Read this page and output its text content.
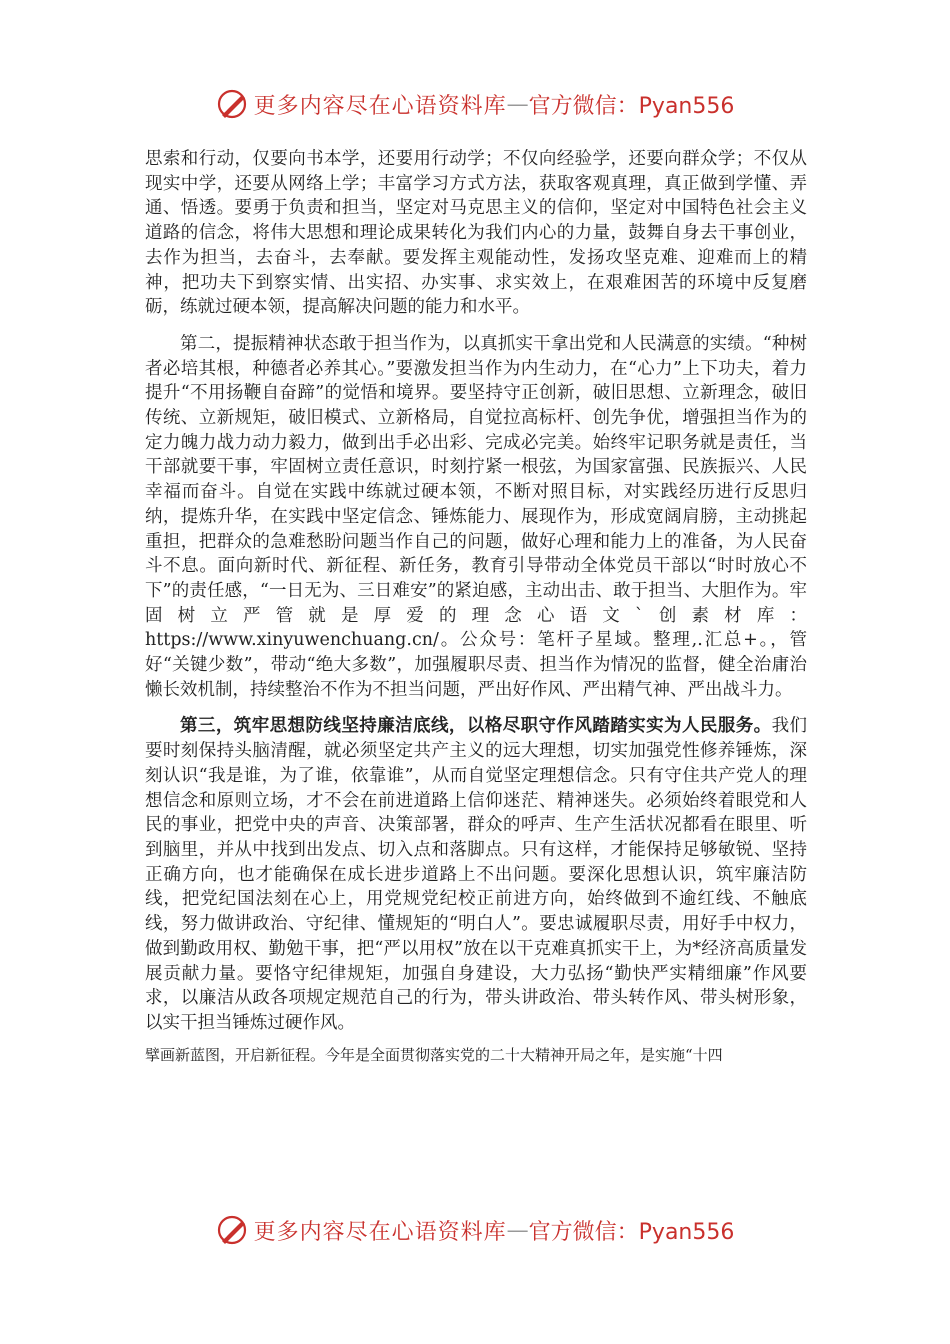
更多内容尽在心语资料库 — 官方微信：Pyan556

思索和行动，仅要向书本学，还要用行动学；不仅向经验学，还要向群众学；不仅从现实中学，还要从网络上学；丰富学习方式方法，获取客观真理，真正做到学懂、弄通、悟透。要勇于负责和担当，坚定对马克思主义的信仰，坚定对中国特色社会主义道路的信念，将伟大思想和理论成果转化为我们内心的力量，鼓舞自身去干事创业，去作为担当，去奋斗，去奉献。要发挥主观能动性，发扬攻坚克难、迎难而上的精神，把功夫下到察实情、出实招、办实事、求实效上，在艰难困苦的环境中反复磨砺，练就过硬本领，提高解决问题的能力和水平。

第二，提振精神状态敢于担当作为，以真抓实干拿出党和人民满意的实绩。“种树者必培其根，种德者必养其心。”要激发担当作为内生动力，在“心力”上下功夫，着力提升“不用扬鞭自奋蹄”的觉悟和境界。要坚持守正创新，破旧思想、立新理念，破旧传统、立新规矩，破旧模式、立新格局，自觉拉高标杆、创先争优，增强担当作为的定力魄力战力动力毅力，做到出手必出彩、完成必完美。始终牢记职务就是责任，当干部就要干事，牢固树立责任意识，时刻拧紧一根弦，为国家富强、民族振兴、人民幸福而奋斗。自觉在实践中练就过硬本领，不断对照目标，对实践经历进行反思归纳，提炼升华，在实践中坚定信念、锤炼能力、展现作为，形成宽阔肩膀，主动挑起重担，把群众的急难愁盼问题当作自己的问题，做好心理和能力上的准备，为人民奋斗不息。面向新时代、新征程、新任务，教育引导带动全体党员干部以“时时放心不下”的责任感，“一日无为、三日难安”的紧迫感，主动出击、敢于担当、大胆作为。牢固树立严管就是厚爱的理念心语文`创素材库：https://www.xinyuwenchuang.cn/。公众号：笔杆子星域。整理,.汇总+。，管好“关键少数”，带动“绝大多数”，加强履职尽责、担当作为情况的监督，健全治庸治懒长效机制，持续整治不作为不担当问题，严出好作风、严出精气神、严出战斗力。

第三，筑牢思想防线坚持廉洁底线，以格尽职守作风踏踏实实为人民服务。我们要时刻保持头脑清醒，就必须坚定共产主义的远大理想，切实加强党性修养锤炼，深刻认识“我是谁，为了谁，依靠谁”，从而自觉坚定理想信念。只有守住共产党人的理想信念和原则立场，才不会在前进道路上信仰迷茫、精神迷失。必须始终着眼党和人民的事业，把党中央的声音、决策部署，群众的呼声、生产生活状况都看在眼里、听到脑里，并从中找到出发点、切入点和落脚点。只有这样，才能保持足够敏锐、坚持正确方向，也才能确保在成长进步道路上不出问题。要深化思想认识，筑牢廉洁防线，把党纪国法刻在心上，用党规党纪校正前进方向，始终做到不逾红线、不触底线，努力做讲政治、守纪律、懂规矩的“明白人”。要忠诚履职尽责，用好手中权力，做到勤政用权、勤勉干事，把“严以用权”放在以干克难真抓实干上，为*经济高质量发展贡献力量。要恪守纪律规矩，加强自身建设，大力弘扬“勤快严实精细廉”作风要求，以廉洁从政各项规定规范自己的行为，带头讲政治、带头转作风、带头树形象，以实干担当锤炼过硬作风。

擘画新蓝图，开启新征程。今年是全面贯彻落实党的二十大精神开局之年，是实施“十四

更多内容尽在心语资料库 — 官方微信：Pyan556
